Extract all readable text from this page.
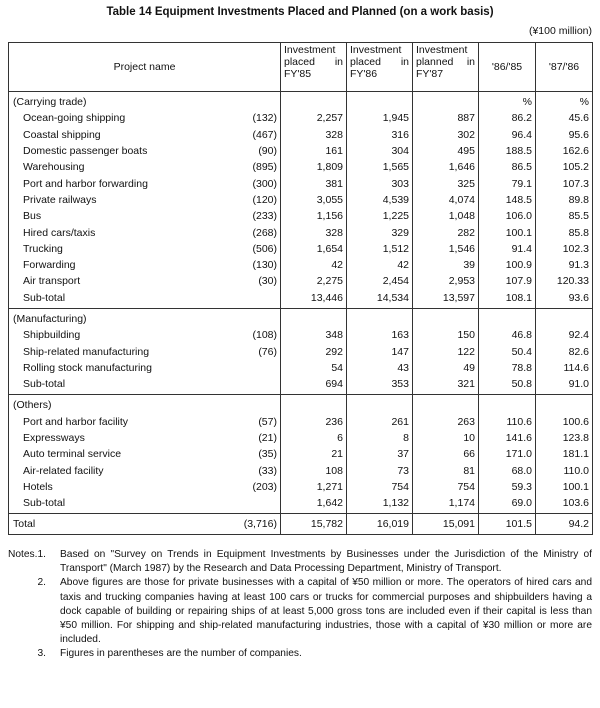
Table 14 Equipment Investments Placed and Planned (on a work basis)
(¥100 million)
Project name		Investment placed in FY'85	Investment placed in FY'86	Investment planned in FY'87	'86/'85	'87/'86
(Carrying trade)					%	%
Ocean-going shipping	(132)	2,257	1,945	887	86.2	45.6
Coastal shipping	(467)	328	316	302	96.4	95.6
Domestic passenger boats	(90)	161	304	495	188.5	162.6
Warehousing	(895)	1,809	1,565	1,646	86.5	105.2
Port and harbor forwarding	(300)	381	303	325	79.1	107.3
Private railways	(120)	3,055	4,539	4,074	148.5	89.8
Bus	(233)	1,156	1,225	1,048	106.0	85.5
Hired cars/taxis	(268)	328	329	282	100.1	85.8
Trucking	(506)	1,654	1,512	1,546	91.4	102.3
Forwarding	(130)	42	42	39	100.9	91.3
Air transport	(30)	2,275	2,454	2,953	107.9	120.33
Sub-total		13,446	14,534	13,597	108.1	93.6
(Manufacturing)						
Shipbuilding	(108)	348	163	150	46.8	92.4
Ship-related manufacturing	(76)	292	147	122	50.4	82.6
Rolling stock manufacturing		54	43	49	78.8	114.6
Sub-total		694	353	321	50.8	91.0
(Others)						
Port and harbor facility	(57)	236	261	263	110.6	100.6
Expressways	(21)	6	8	10	141.6	123.8
Auto terminal service	(35)	21	37	66	171.0	181.1
Air-related facility	(33)	108	73	81	68.0	110.0
Hotels	(203)	1,271	754	754	59.3	100.1
Sub-total		1,642	1,132	1,174	69.0	103.6
Total	(3,716)	15,782	16,019	15,091	101.5	94.2
Notes.1.	Based on "Survey on Trends in Equipment Investments by Businesses under the Jurisdiction of the Ministry of Transport" (March 1987) by the Research and Data Processing Department, Ministry of Transport.
2.	Above figures are those for private businesses with a capital of ¥50 million or more. The operators of hired cars and taxis and trucking companies having at least 100 cars or trucks for commercial purposes and shipbuilders having a dock capable of building or repairing ships of at least 5,000 gross tons are included even if their capital is less than ¥50 million. For shipping and ship-related manufacturing industries, those with a capital of ¥30 million or more are included.
3.	Figures in parentheses are the number of companies.
